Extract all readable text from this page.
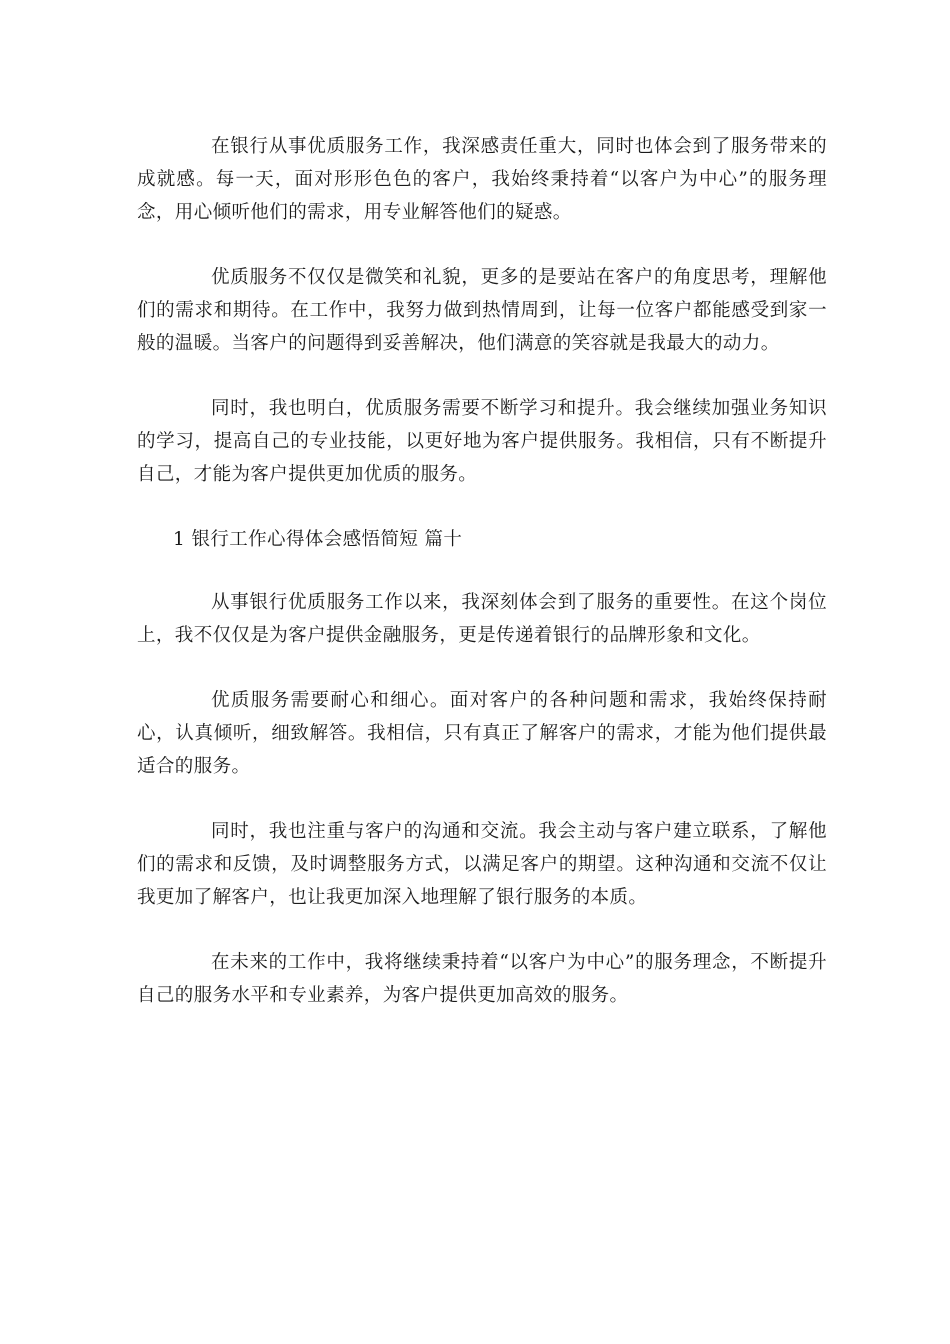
在银行从事优质服务工作，我深感责任重大，同时也体会到了服务带来的成就感。每一天，面对形形色色的客户，我始终秉持着“以客户为中心”的服务理念，用心倾听他们的需求，用专业解答他们的疑惑。

优质服务不仅仅是微笑和礼貌，更多的是要站在客户的角度思考，理解他们的需求和期待。在工作中，我努力做到热情周到，让每一位客户都能感受到家一般的温暖。当客户的问题得到妥善解决，他们满意的笑容就是我最大的动力。

同时，我也明白，优质服务需要不断学习和提升。我会继续加强业务知识的学习，提高自己的专业技能，以更好地为客户提供服务。我相信，只有不断提升自己，才能为客户提供更加优质的服务。

1 银行工作心得体会感悟简短 篇十

从事银行优质服务工作以来，我深刻体会到了服务的重要性。在这个岗位上，我不仅仅是为客户提供金融服务，更是传递着银行的品牌形象和文化。

优质服务需要耐心和细心。面对客户的各种问题和需求，我始终保持耐心，认真倾听，细致解答。我相信，只有真正了解客户的需求，才能为他们提供最适合的服务。

同时，我也注重与客户的沟通和交流。我会主动与客户建立联系，了解他们的需求和反馈，及时调整服务方式，以满足客户的期望。这种沟通和交流不仅让我更加了解客户，也让我更加深入地理解了银行服务的本质。

在未来的工作中，我将继续秉持着“以客户为中心”的服务理念，不断提升自己的服务水平和专业素养，为客户提供更加高效的服务。
